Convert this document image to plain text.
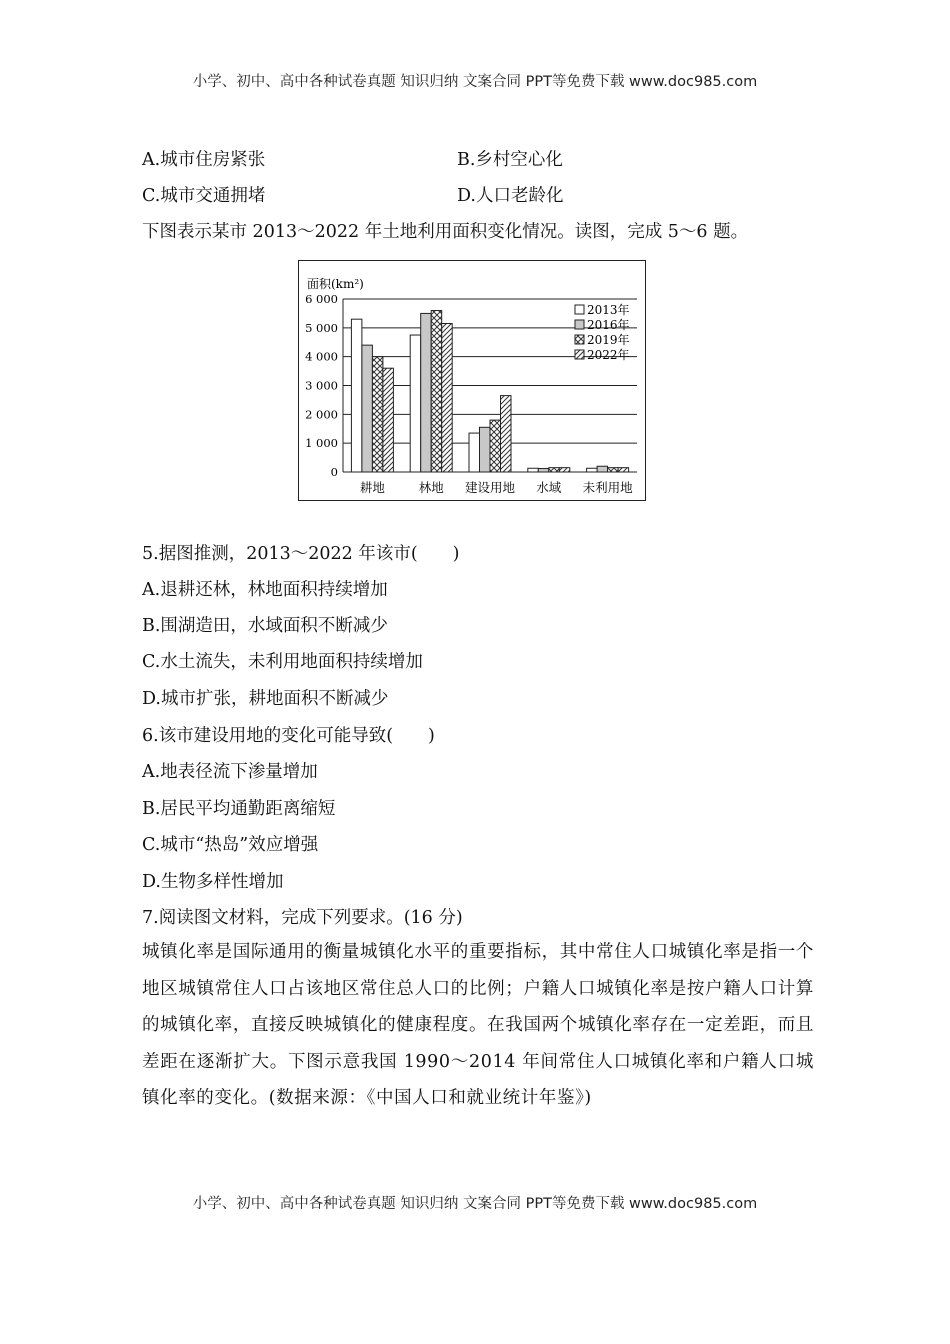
小学、初中、高中各种试卷真题 知识归纳 文案合同 PPT等免费下载 www.doc985.com
A.城市住房紧张	B.乡村空心化
C.城市交通拥堵	D.人口老龄化
下图表示某市 2013～2022 年土地利用面积变化情况。读图，完成 5～6 题。
面积(km²)
0
1 000
2 000
3 000
4 000
5 000
6 000
耕地	林地 建设用地 水域 未利用地
2013年
2016年
2019年
2022年
5.据图推测，2013～2022 年该市(　　)
A.退耕还林，林地面积持续增加
B.围湖造田，水域面积不断减少
C.水土流失，未利用地面积持续增加
D.城市扩张，耕地面积不断减少
6.该市建设用地的变化可能导致(　　)
A.地表径流下渗量增加
B.居民平均通勤距离缩短
C.城市“热岛”效应增强
D.生物多样性增加
7.阅读图文材料，完成下列要求。(16 分)
城镇化率是国际通用的衡量城镇化水平的重要指标，其中常住人口城镇化率是指一个地区城镇常住人口占该地区常住总人口的比例；户籍人口城镇化率是按户籍人口计算的城镇化率，直接反映城镇化的健康程度。在我国两个城镇化率存在一定差距，而且差距在逐渐扩大。下图示意我国 1990～2014 年间常住人口城镇化率和户籍人口城镇化率的变化。(数据来源：《中国人口和就业统计年鉴》)
小学、初中、高中各种试卷真题 知识归纳 文案合同 PPT等免费下载 www.doc985.com
